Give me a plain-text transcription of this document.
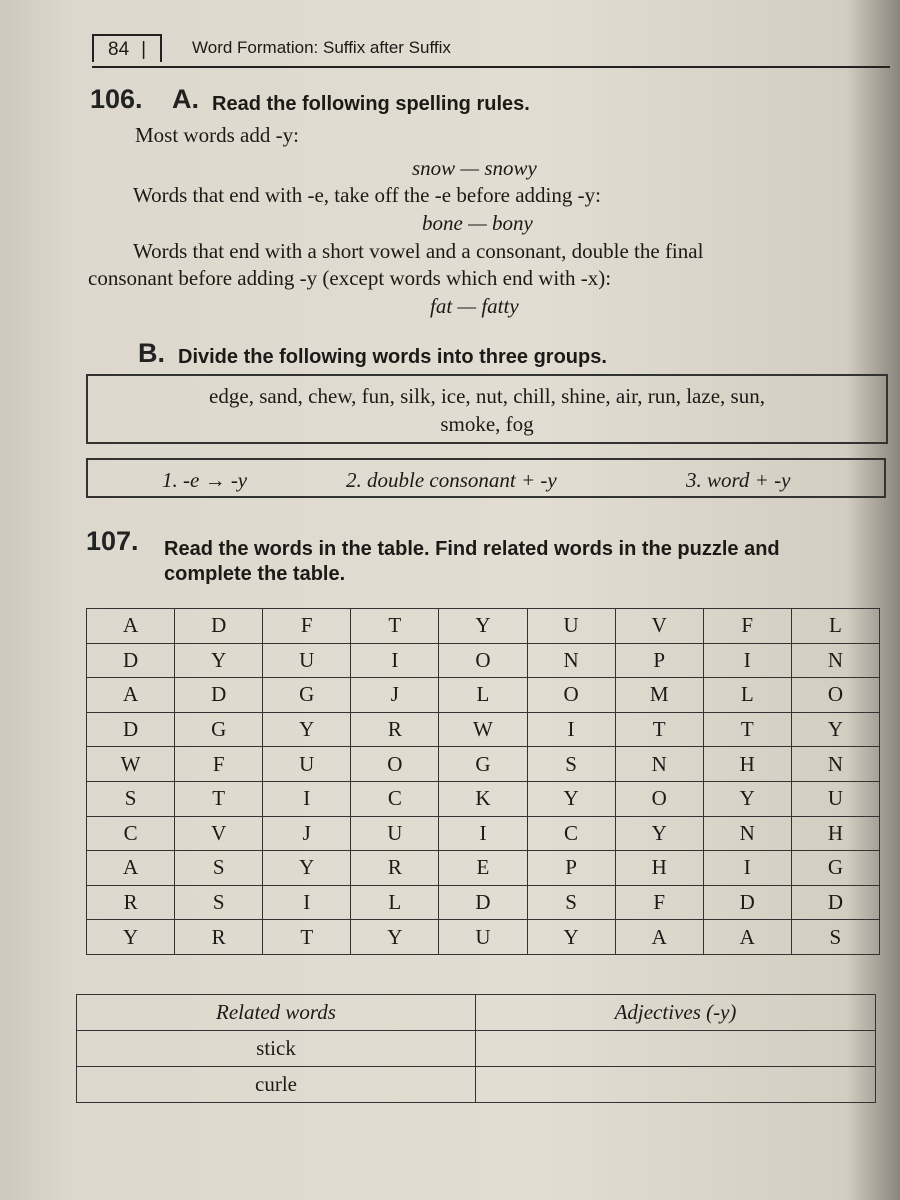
84 |	Word Formation: Suffix after Suffix
106. A. Read the following spelling rules.
Most words add -y:
snow — snowy
Words that end with -e, take off the -e before adding -y:
bone — bony
Words that end with a short vowel and a consonant, double the final
consonant before adding -y (except words which end with -x):
fat — fatty
B. Divide the following words into three groups.
edge, sand, chew, fun, silk, ice, nut, chill, shine, air, run, laze, sun,
smoke, fog
1. -e → -y	2. double consonant + -y	3. word + -y
107. Read the words in the table. Find related words in the puzzle and
complete the table.
A	D	F	T	Y	U	V	F	L
D	Y	U	I	O	N	P	I	N
A	D	G	J	L	O	M	L	O
D	G	Y	R	W	I	T	T	Y
W	F	U	O	G	S	N	H	N
S	T	I	C	K	Y	O	Y	U
C	V	J	U	I	C	Y	N	H
A	S	Y	R	E	P	H	I	G
R	S	I	L	D	S	F	D	D
Y	R	T	Y	U	Y	A	A	S
Related words	Adjectives (-y)
stick	
curle	
